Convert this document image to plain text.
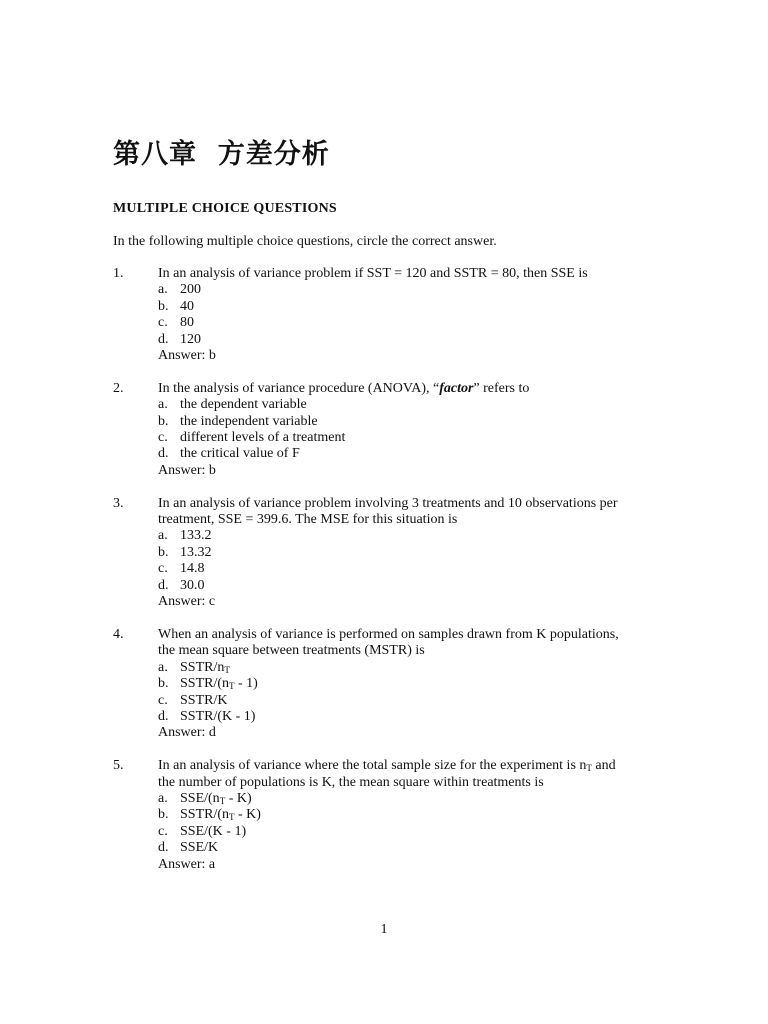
第八章  方差分析
MULTIPLE CHOICE QUESTIONS
In the following multiple choice questions, circle the correct answer.
1.	In an analysis of variance problem if SST = 120 and SSTR = 80, then SSE is
a. 200
b. 40
c. 80
d. 120
Answer: b
2.	In the analysis of variance procedure (ANOVA), “factor” refers to
a. the dependent variable
b. the independent variable
c. different levels of a treatment
d. the critical value of F
Answer: b
3.	In an analysis of variance problem involving 3 treatments and 10 observations per
treatment, SSE = 399.6. The MSE for this situation is
a. 133.2
b. 13.32
c. 14.8
d. 30.0
Answer: c
4.	When an analysis of variance is performed on samples drawn from K populations,
the mean square between treatments (MSTR) is
a. SSTR/$n_T$
b. SSTR/$(n_T - 1)$
c. SSTR/K
d. SSTR/(K - 1)
Answer: d
5.	In an analysis of variance where the total sample size for the experiment is $n_T$ and
the number of populations is K, the mean square within treatments is
a. SSE/$(n_T - K)$
b. SSTR/$(n_T - K)$
c. SSE/(K - 1)
d. SSE/K
Answer: a
1
